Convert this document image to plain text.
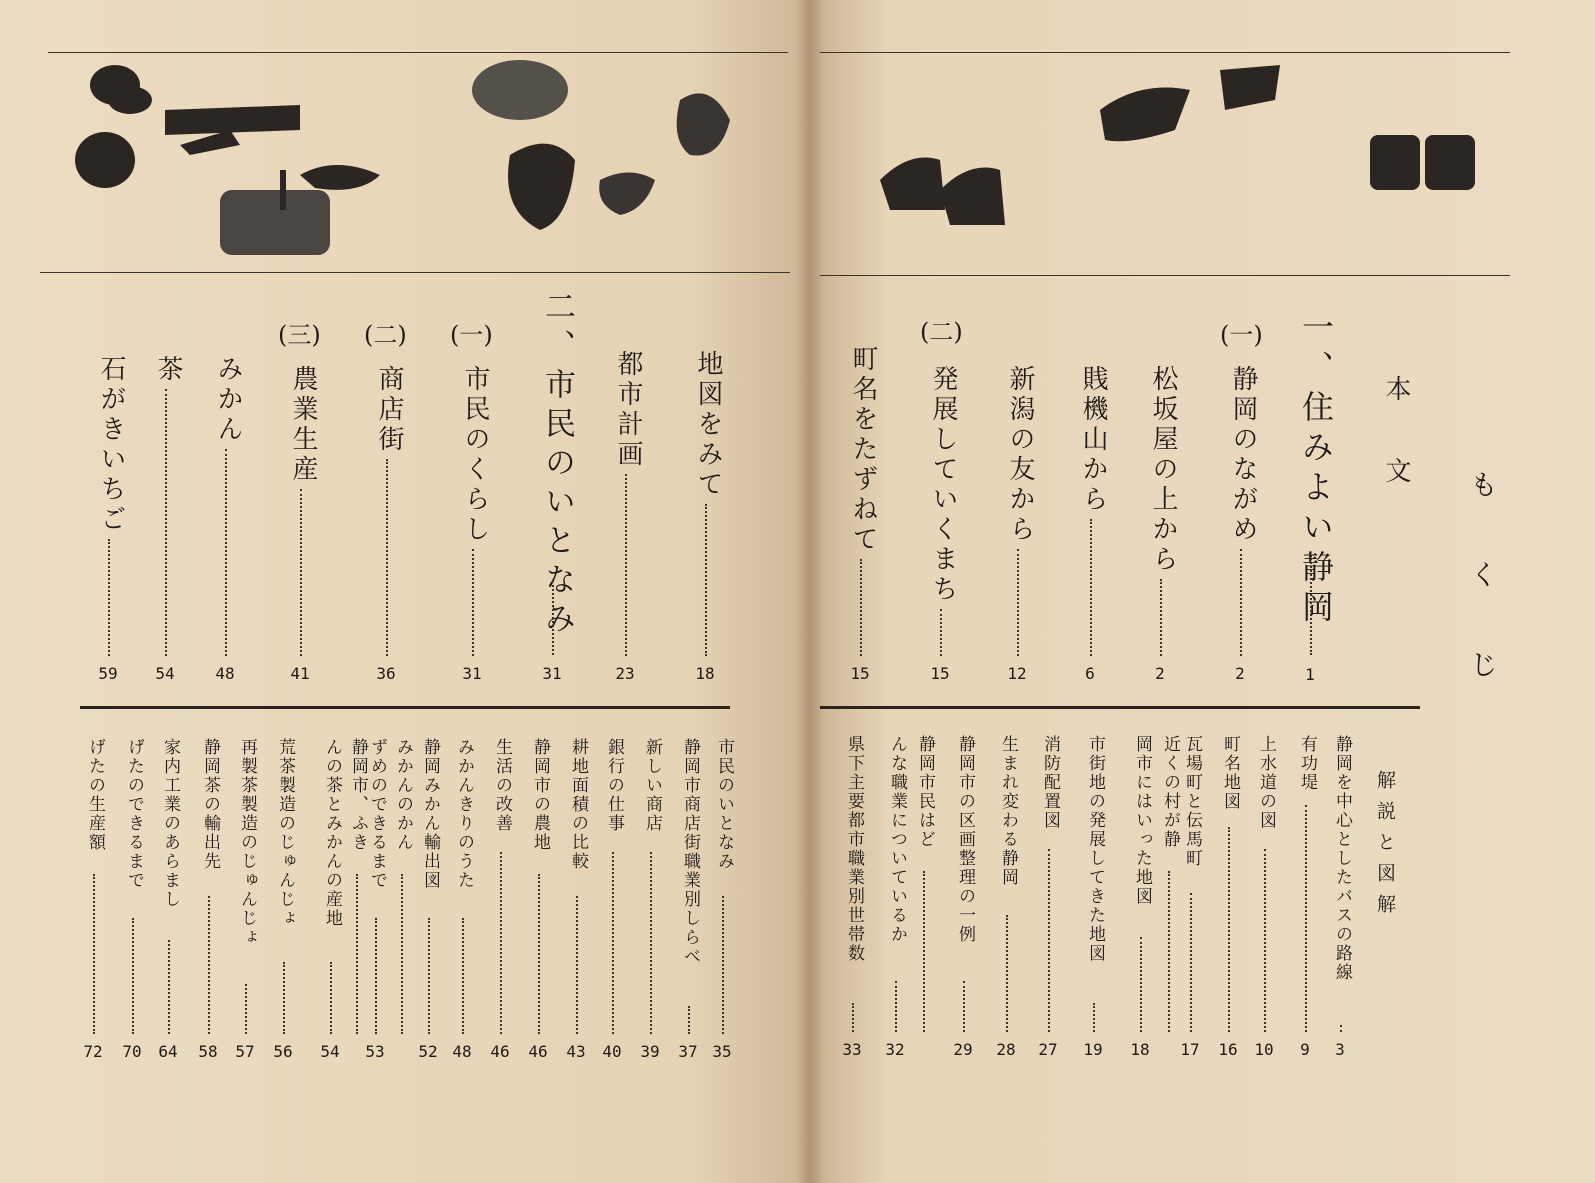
もくじ
本文
一、住みよい静岡
1
(一)
(二)
静岡のながめ
2
松坂屋の上から
2
賎機山から
6
新潟の友から
12
発展していくまち
15
町名をたずねて
15
解説と図解
静岡を中心としたバスの路線
3
有功堤
9
上水道の図
10
町名地図
16
瓦場町と伝馬町
17
近くの村が静
岡市にはいった地図
18
市街地の発展してきた地図
19
消防配置図
27
生まれ変わる静岡
28
静岡市の区画整理の一例
29
静岡市民はど
んな職業についているか
32
県下主要都市職業別世帯数
33
地図をみて
18
都市計画
23
二、市民のいとなみ
31
市民のくらし
31
(一)
商店街
36
(二)
農業生産
41
(三)
みかん
48
茶
54
石がきいちご
59
市民のいとなみ
35
静岡市商店街職業別しらべ
37
新しい商店
39
銀行の仕事
40
耕地面積の比較
43
静岡市の農地
46
生活の改善
46
みかんきりのうた
48
静岡みかん輸出図
52
みかんのかん
ずめのできるまで
53
静岡市、ふき
んの茶とみかんの産地
54
荒茶製造のじゅんじょ
56
再製茶製造のじゅんじょ
57
静岡茶の輸出先
58
家内工業のあらまし
64
げたのできるまで
70
げたの生産額
72
